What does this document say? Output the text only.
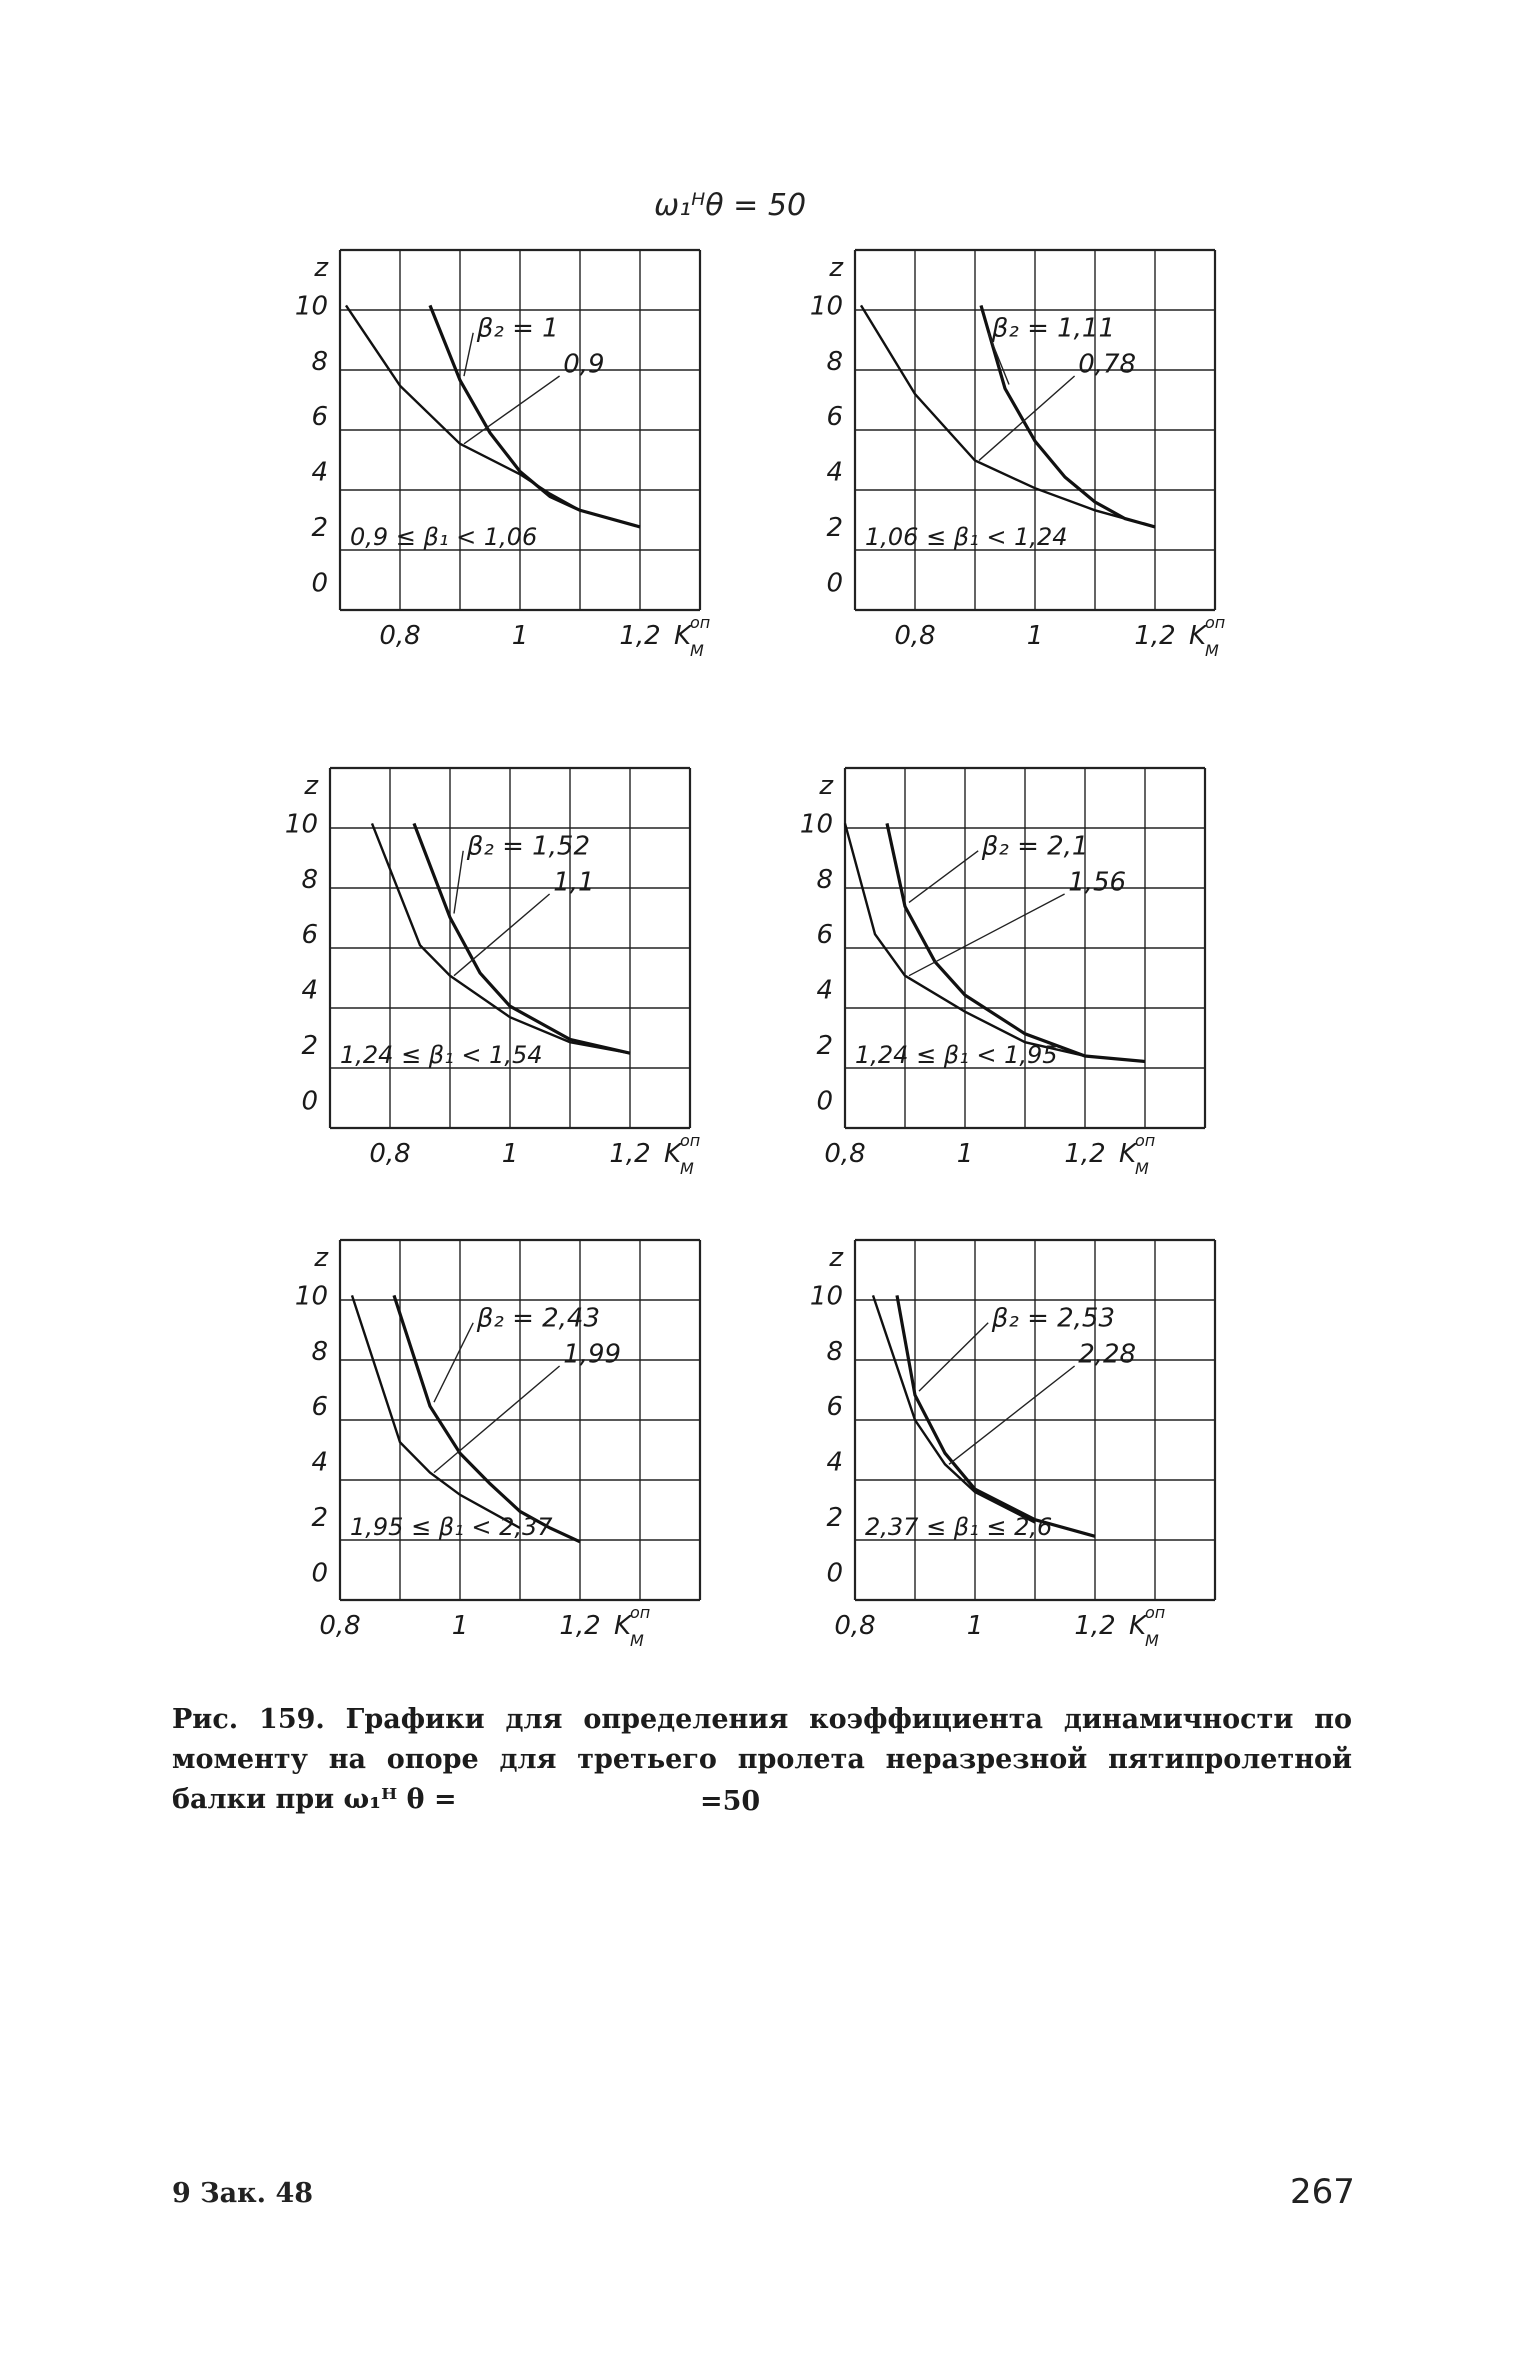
ω₁ᴴθ = 50
0
2
4
6
8
10
z
0,8	1	1,2 K
M
оп
β₂ = 1
0,9
0,9 ≤ β₁ < 1,06
0
2
4
6
8
10
z
0,8	1	1,2 K
M
оп
β₂ = 1,11
0,78
1,06 ≤ β₁ < 1,24
0
2
4
6
8
10
z
0,8	1	1,2 K
M
оп
β₂ = 1,52
1,1
1,24 ≤ β₁ < 1,54
0
2
4
6
8
10
z
0,8	1	1,2 K
M
оп
β₂ = 2,1
1,56
1,24 ≤ β₁ < 1,95
0
2
4
6
8
10
z
0,8	1	1,2 K
M
оп
β₂ = 2,43
1,99
1,95 ≤ β₁ < 2,37
0
2
4
6
8
10
z
0,8	1	1,2 K
M
оп
β₂ = 2,53
2,28
2,37 ≤ β₁ ≤ 2,6
Рис. 159. Графики для определения коэффициента динамичности по моменту на опоре для третьего пролета неразрезной пятипролетной балки при ω₁ᴴ θ =	=50
9 Зак. 48	267
